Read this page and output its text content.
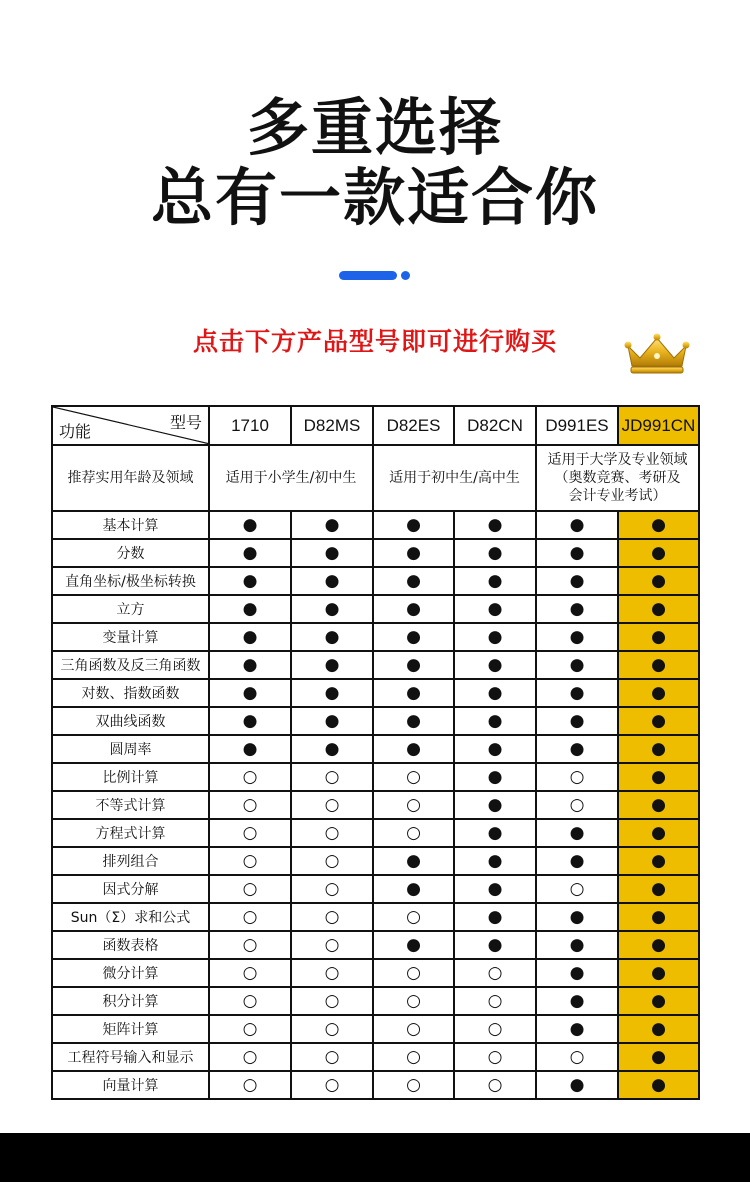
多重选择
总有一款适合你
点击下方产品型号即可进行购买
型号
功能	1710	D82MS	D82ES	D82CN	D991ES	JD991CN
推荐实用年龄及领域	适用于小学生/初中生		适用于初中生/高中生		适用于大学及专业领域
（奥数竞赛、考研及
会计专业考试）	
基本计算	●	●	●	●	●	●
分数	●	●	●	●	●	●
直角坐标/极坐标转换	●	●	●	●	●	●
立方	●	●	●	●	●	●
变量计算	●	●	●	●	●	●
三角函数及反三角函数	●	●	●	●	●	●
对数、指数函数	●	●	●	●	●	●
双曲线函数	●	●	●	●	●	●
圆周率	●	●	●	●	●	●
比例计算	○	○	○	●	○	●
不等式计算	○	○	○	●	○	●
方程式计算	○	○	○	●	●	●
排列组合	○	○	●	●	●	●
因式分解	○	○	●	●	○	●
Sun（Σ）求和公式	○	○	○	●	●	●
函数表格	○	○	●	●	●	●
微分计算	○	○	○	○	●	●
积分计算	○	○	○	○	●	●
矩阵计算	○	○	○	○	●	●
工程符号输入和显示	○	○	○	○	○	●
向量计算	○	○	○	○	●	●
